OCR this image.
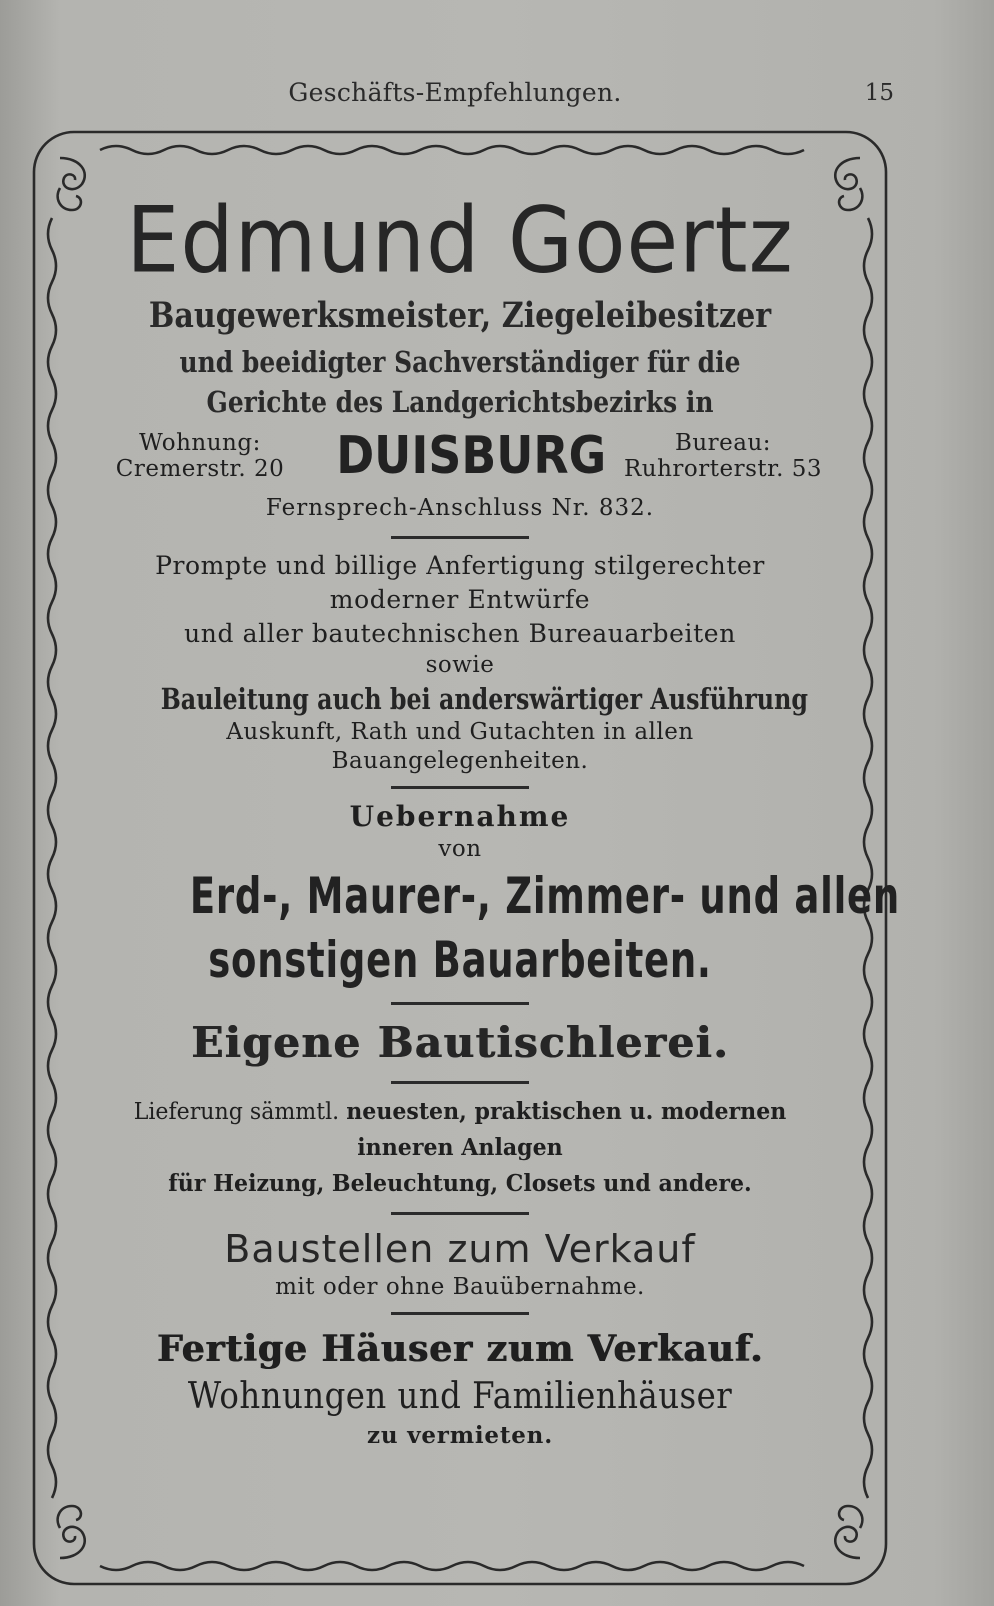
Geschäfts-Empfehlungen.	15
Edmund Goertz
Baugewerksmeister, Ziegeleibesitzer
und beeidigter Sachverständiger für die
Gerichte des Landgerichtsbezirks in
Wohnung:
Cremerstr. 20 DUISBURG	Bureau:
Ruhrorterstr. 53
Fernsprech-Anschluss Nr. 832.
Prompte und billige Anfertigung stilgerechter
moderner Entwürfe
und aller bautechnischen Bureauarbeiten
sowie
Bauleitung auch bei anderswärtiger Ausführung
Auskunft, Rath und Gutachten in allen
Bauangelegenheiten.
Uebernahme
von
Erd-, Maurer-, Zimmer- und allen
sonstigen Bauarbeiten.
Eigene Bautischlerei.
Lieferung sämmtl. neuesten, praktischen u. modernen
inneren Anlagen
für Heizung, Beleuchtung, Closets und andere.
Baustellen zum Verkauf
mit oder ohne Bauübernahme.
Fertige Häuser zum Verkauf.
Wohnungen und Familienhäuser
zu vermieten.
